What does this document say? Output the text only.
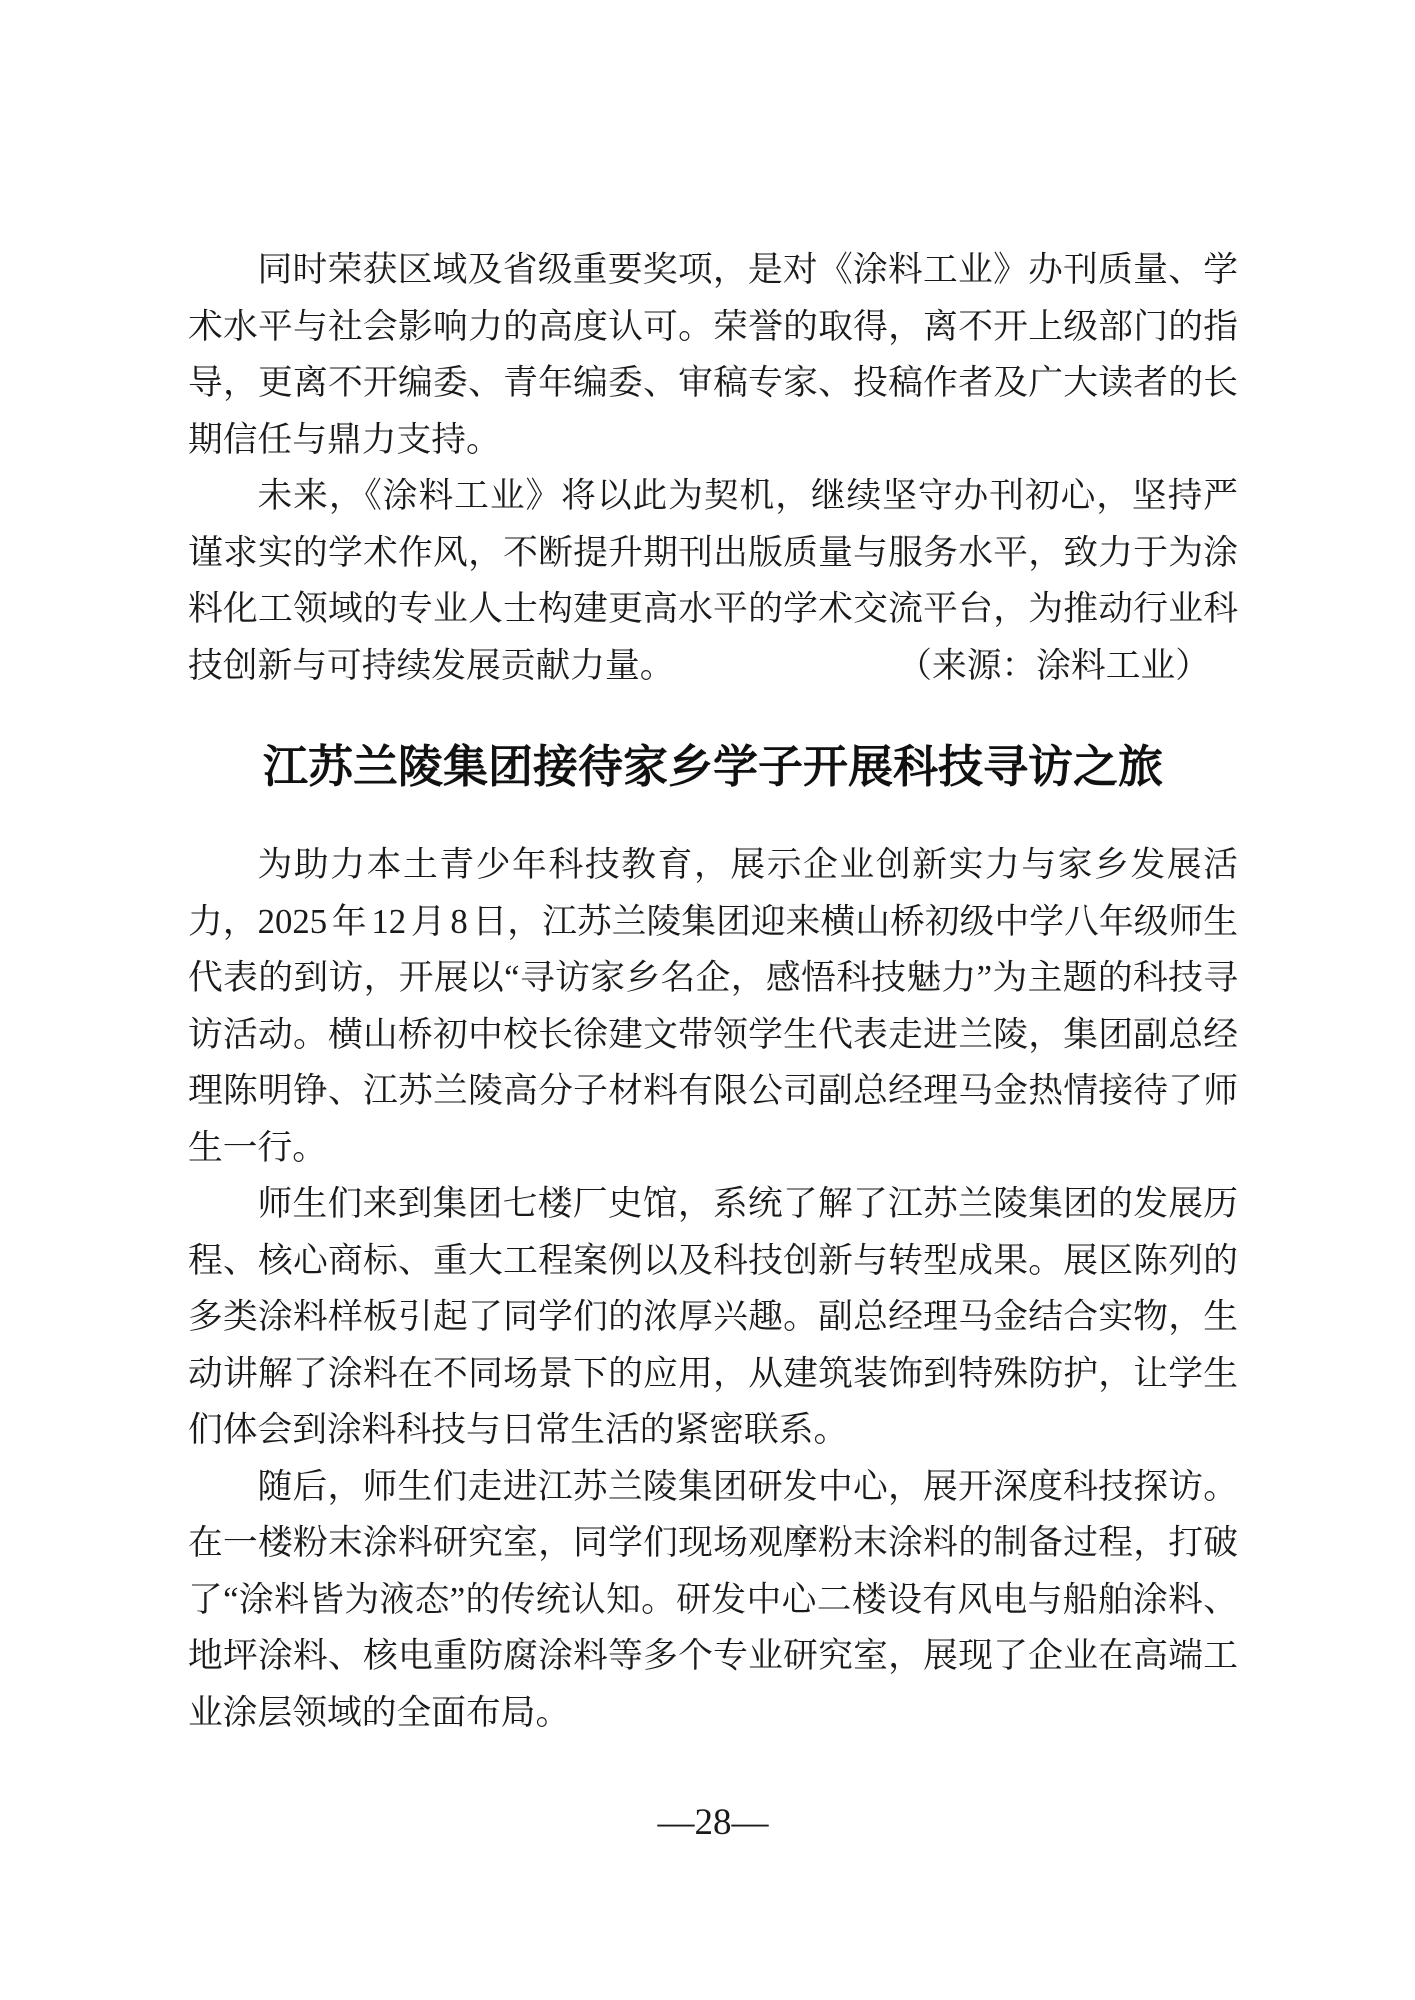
同时荣获区域及省级重要奖项，是对《涂料工业》办刊质量、学术水平与社会影响力的高度认可。荣誉的取得，离不开上级部门的指导，更离不开编委、青年编委、审稿专家、投稿作者及广大读者的长期信任与鼎力支持。

未来，《涂料工业》将以此为契机，继续坚守办刊初心，坚持严谨求实的学术作风，不断提升期刊出版质量与服务水平，致力于为涂料化工领域的专业人士构建更高水平的学术交流平台，为推动行业科技创新与可持续发展贡献力量。	（来源：涂料工业）

江苏兰陵集团接待家乡学子开展科技寻访之旅

为助力本土青少年科技教育，展示企业创新实力与家乡发展活力，2025 年 12 月 8 日，江苏兰陵集团迎来横山桥初级中学八年级师生代表的到访，开展以“寻访家乡名企，感悟科技魅力”为主题的科技寻访活动。横山桥初中校长徐建文带领学生代表走进兰陵，集团副总经理陈明铮、江苏兰陵高分子材料有限公司副总经理马金热情接待了师生一行。

师生们来到集团七楼厂史馆，系统了解了江苏兰陵集团的发展历程、核心商标、重大工程案例以及科技创新与转型成果。展区陈列的多类涂料样板引起了同学们的浓厚兴趣。副总经理马金结合实物，生动讲解了涂料在不同场景下的应用，从建筑装饰到特殊防护，让学生们体会到涂料科技与日常生活的紧密联系。

随后，师生们走进江苏兰陵集团研发中心，展开深度科技探访。在一楼粉末涂料研究室，同学们现场观摩粉末涂料的制备过程，打破了“涂料皆为液态”的传统认知。研发中心二楼设有风电与船舶涂料、地坪涂料、核电重防腐涂料等多个专业研究室，展现了企业在高端工业涂层领域的全面布局。

—28—
